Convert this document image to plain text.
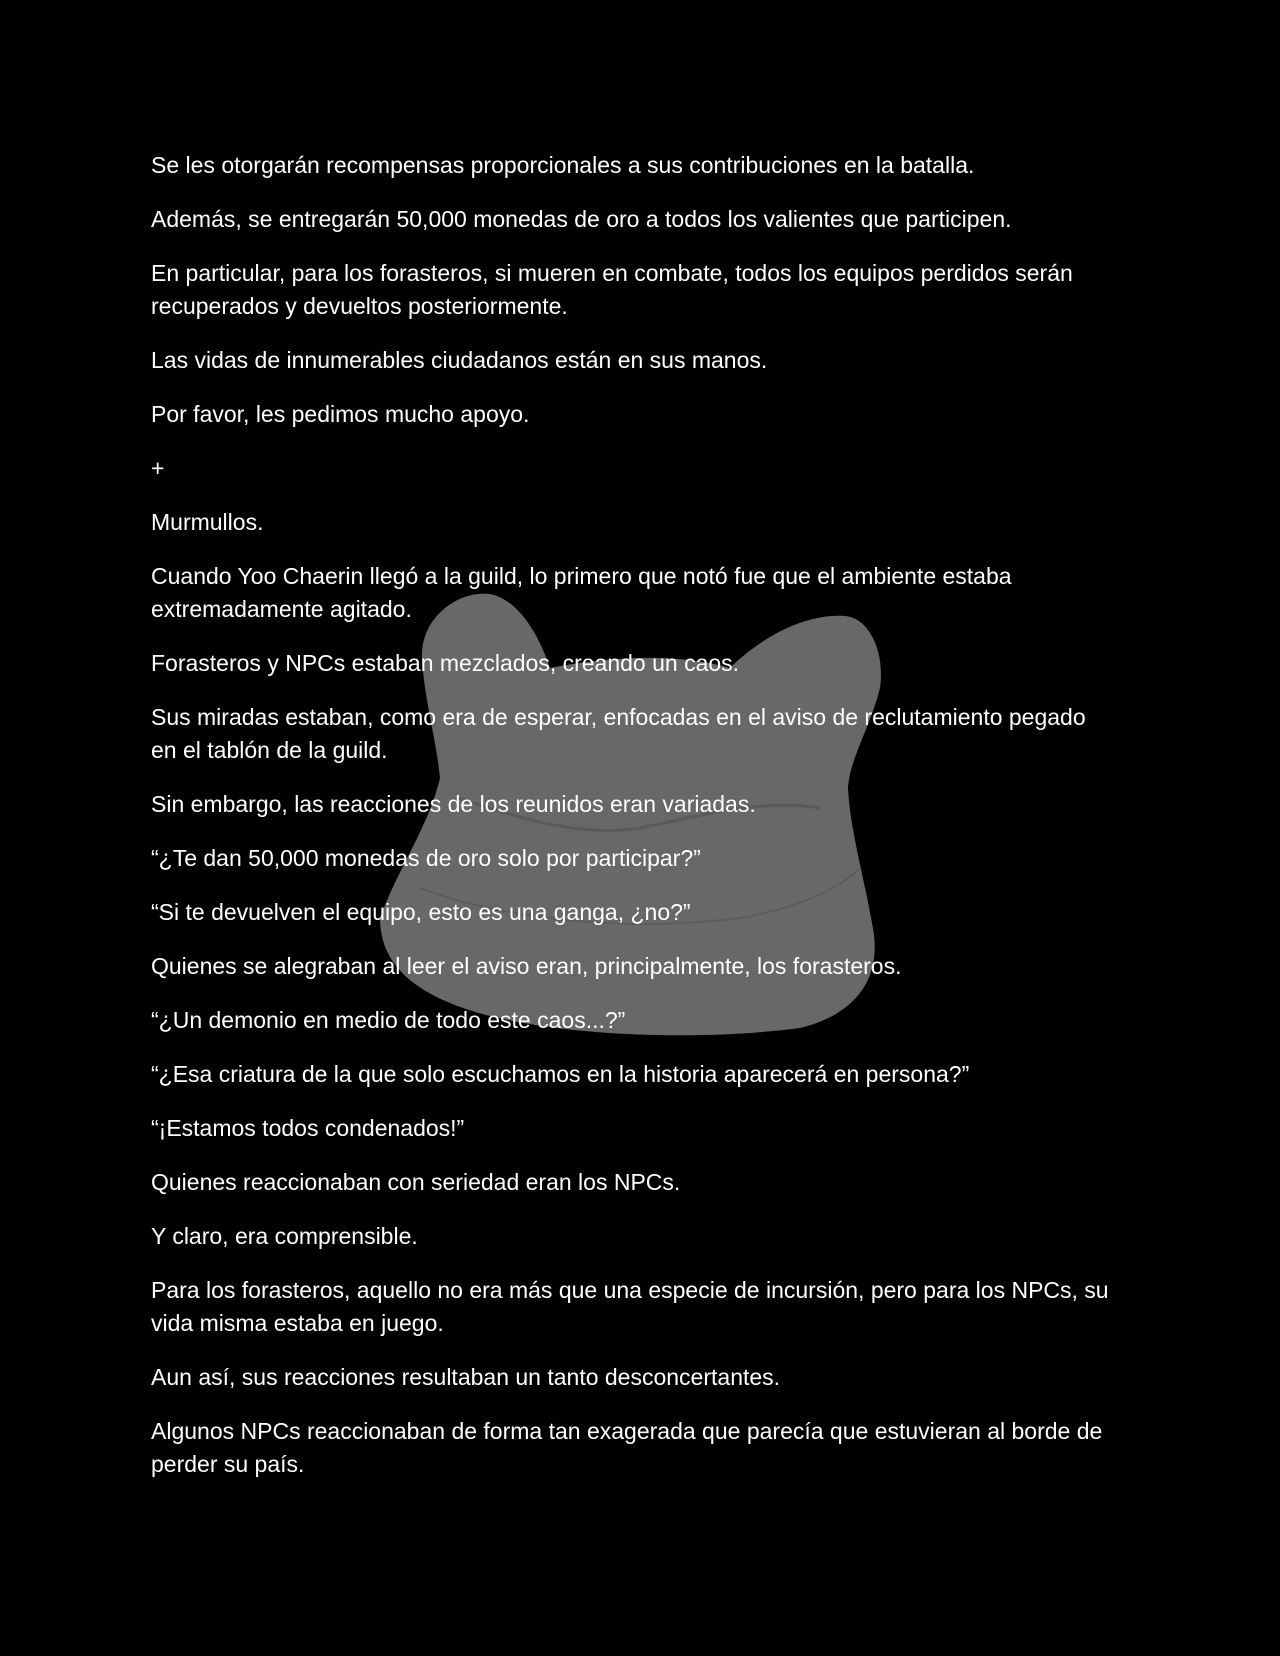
Se les otorgarán recompensas proporcionales a sus contribuciones en la batalla.

Además, se entregarán 50,000 monedas de oro a todos los valientes que participen.

En particular, para los forasteros, si mueren en combate, todos los equipos perdidos serán recuperados y devueltos posteriormente.

Las vidas de innumerables ciudadanos están en sus manos.

Por favor, les pedimos mucho apoyo.

+

Murmullos.

Cuando Yoo Chaerin llegó a la guild, lo primero que notó fue que el ambiente estaba extremadamente agitado.

Forasteros y NPCs estaban mezclados, creando un caos.

Sus miradas estaban, como era de esperar, enfocadas en el aviso de reclutamiento pegado en el tablón de la guild.

Sin embargo, las reacciones de los reunidos eran variadas.

“¿Te dan 50,000 monedas de oro solo por participar?”

“Si te devuelven el equipo, esto es una ganga, ¿no?”

Quienes se alegraban al leer el aviso eran, principalmente, los forasteros.

“¿Un demonio en medio de todo este caos...?”

“¿Esa criatura de la que solo escuchamos en la historia aparecerá en persona?”

“¡Estamos todos condenados!”

Quienes reaccionaban con seriedad eran los NPCs.

Y claro, era comprensible.

Para los forasteros, aquello no era más que una especie de incursión, pero para los NPCs, su vida misma estaba en juego.

Aun así, sus reacciones resultaban un tanto desconcertantes.

Algunos NPCs reaccionaban de forma tan exagerada que parecía que estuvieran al borde de perder su país.
